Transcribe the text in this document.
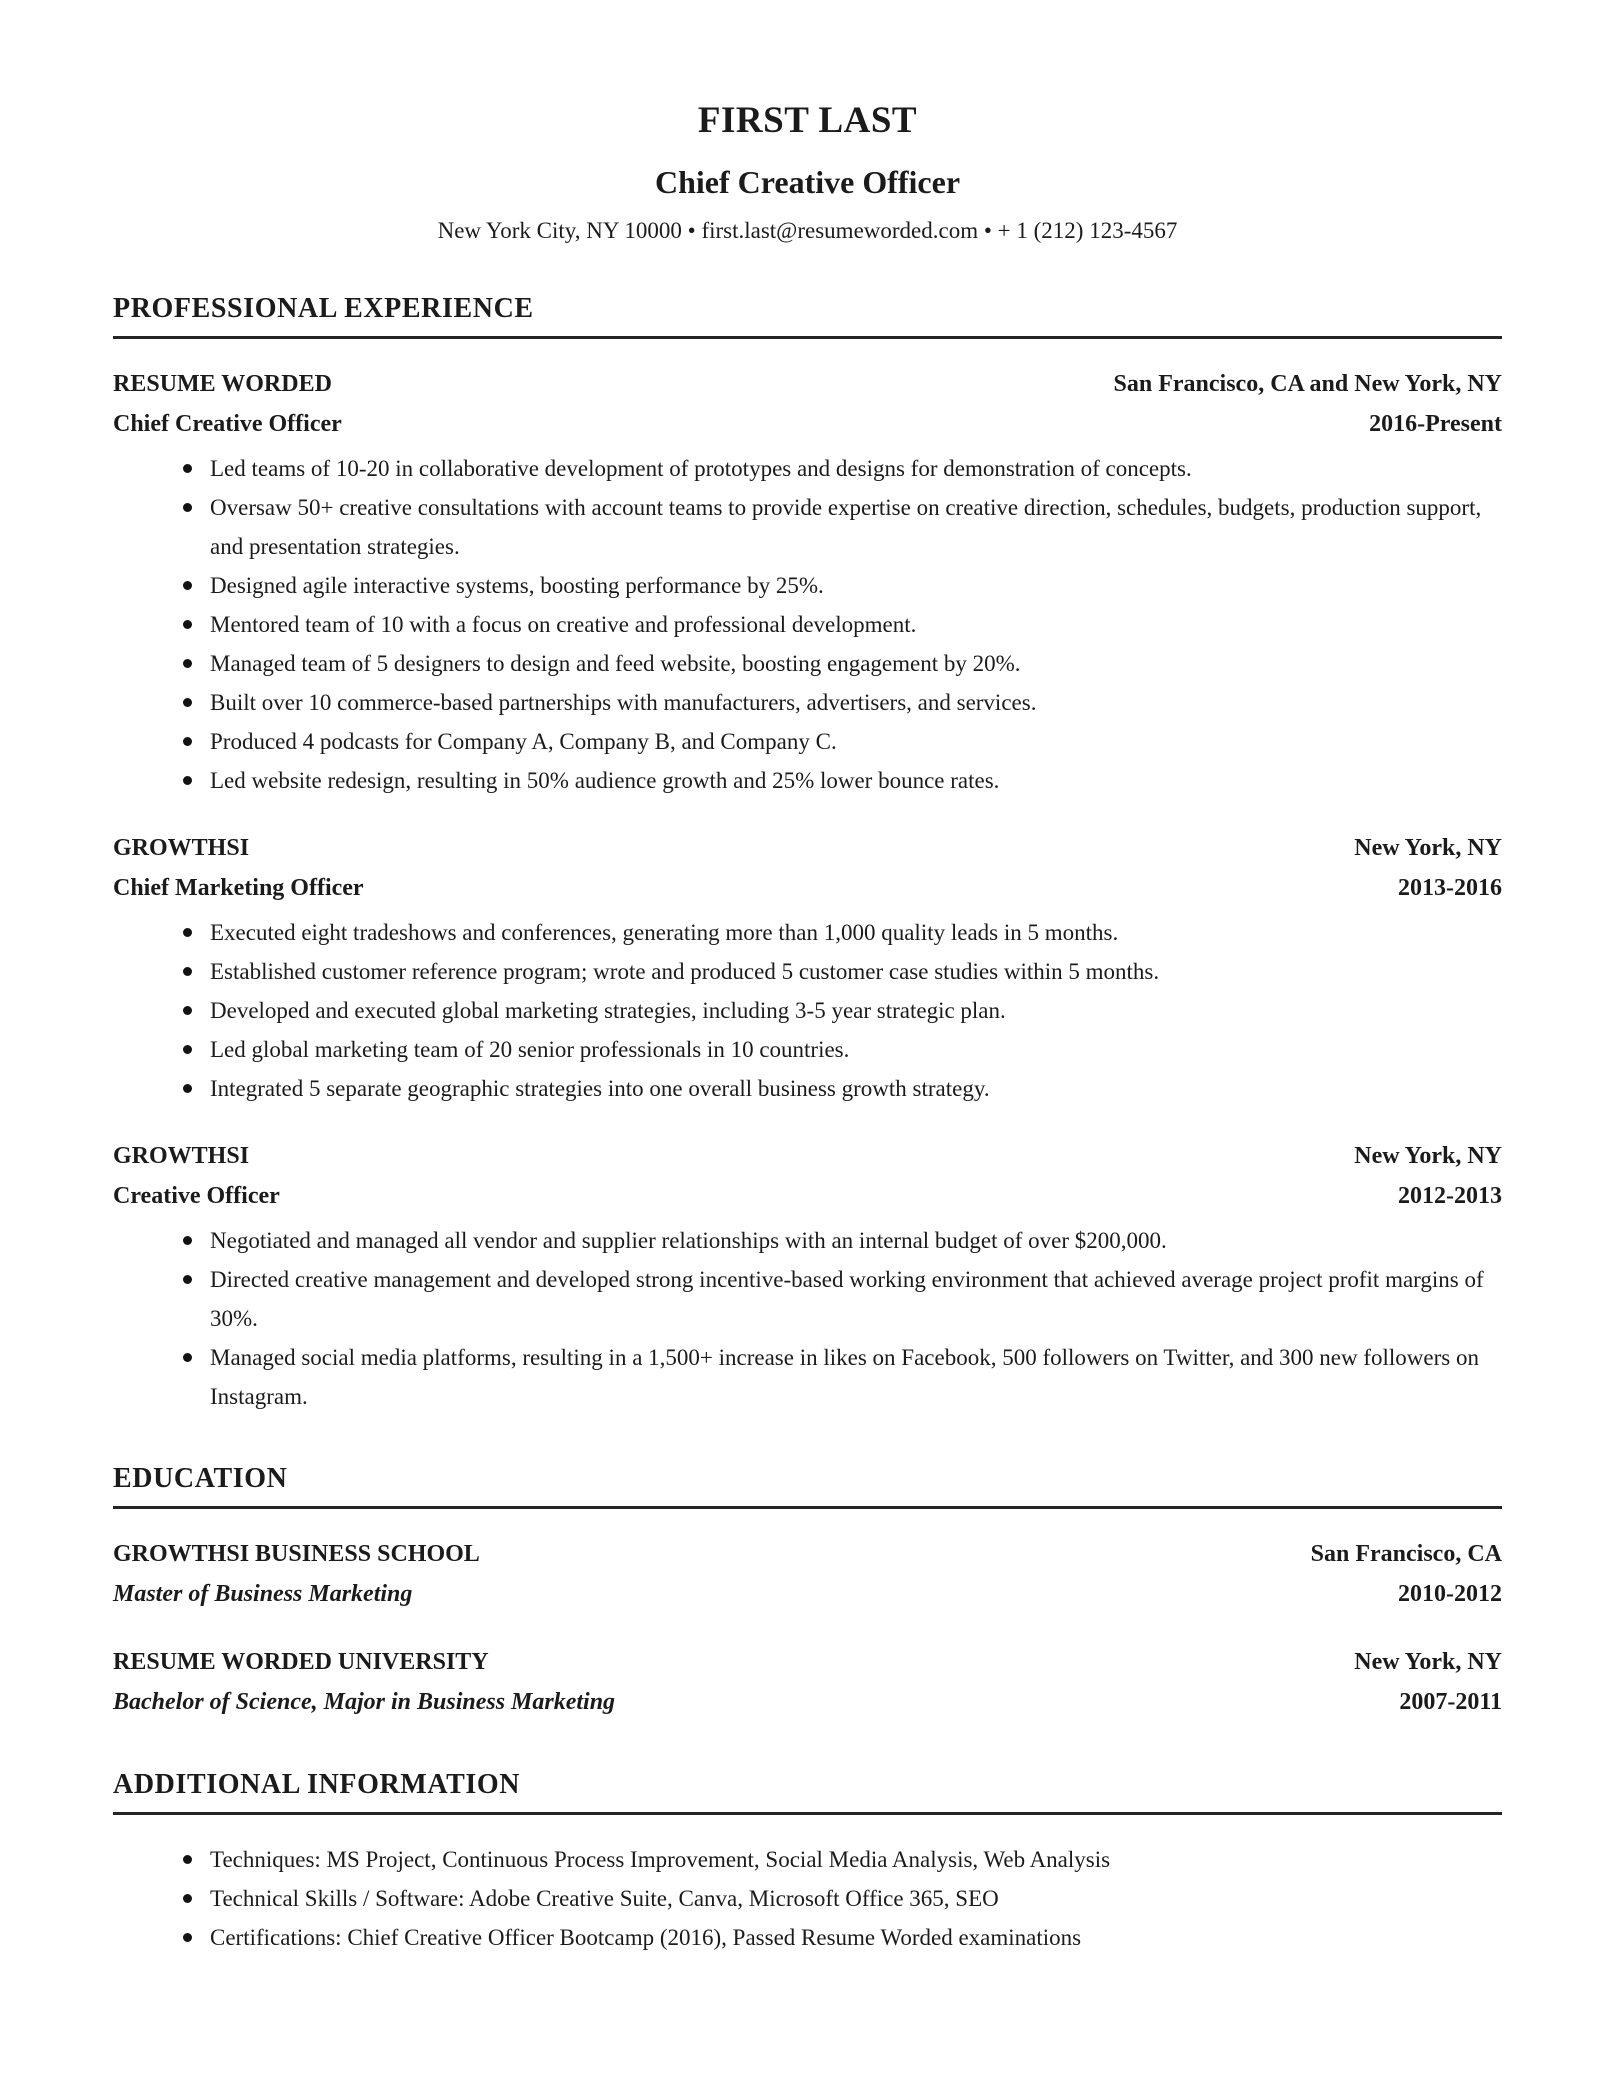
FIRST LAST
Chief Creative Officer

New York City, NY 10000 • first.last@resumeworded.com • + 1 (212) 123-4567

PROFESSIONAL EXPERIENCE
RESUME WORDED	San Francisco, CA and New York, NY
Chief Creative Officer	2016-Present
Led teams of 10-20 in collaborative development of prototypes and designs for demonstration of concepts.
Oversaw 50+ creative consultations with account teams to provide expertise on creative direction, schedules, budgets, production support, and presentation strategies.
Designed agile interactive systems, boosting performance by 25%.
Mentored team of 10 with a focus on creative and professional development.
Managed team of 5 designers to design and feed website, boosting engagement by 20%.
Built over 10 commerce-based partnerships with manufacturers, advertisers, and services.
Produced 4 podcasts for Company A, Company B, and Company C.
Led website redesign, resulting in 50% audience growth and 25% lower bounce rates.
GROWTHSI	New York, NY
Chief Marketing Officer	2013-2016
Executed eight tradeshows and conferences, generating more than 1,000 quality leads in 5 months.
Established customer reference program; wrote and produced 5 customer case studies within 5 months.
Developed and executed global marketing strategies, including 3-5 year strategic plan.
Led global marketing team of 20 senior professionals in 10 countries.
Integrated 5 separate geographic strategies into one overall business growth strategy.
GROWTHSI	New York, NY
Creative Officer	2012-2013
Negotiated and managed all vendor and supplier relationships with an internal budget of over $200,000.
Directed creative management and developed strong incentive-based working environment that achieved average project profit margins of 30%.
Managed social media platforms, resulting in a 1,500+ increase in likes on Facebook, 500 followers on Twitter, and 300 new followers on Instagram.
EDUCATION
GROWTHSI BUSINESS SCHOOL	San Francisco, CA
Master of Business Marketing	2010-2012
RESUME WORDED UNIVERSITY	New York, NY
Bachelor of Science, Major in Business Marketing	2007-2011
ADDITIONAL INFORMATION
Techniques: MS Project, Continuous Process Improvement, Social Media Analysis, Web Analysis
Technical Skills / Software: Adobe Creative Suite, Canva, Microsoft Office 365, SEO
Certifications: Chief Creative Officer Bootcamp (2016), Passed Resume Worded examinations
